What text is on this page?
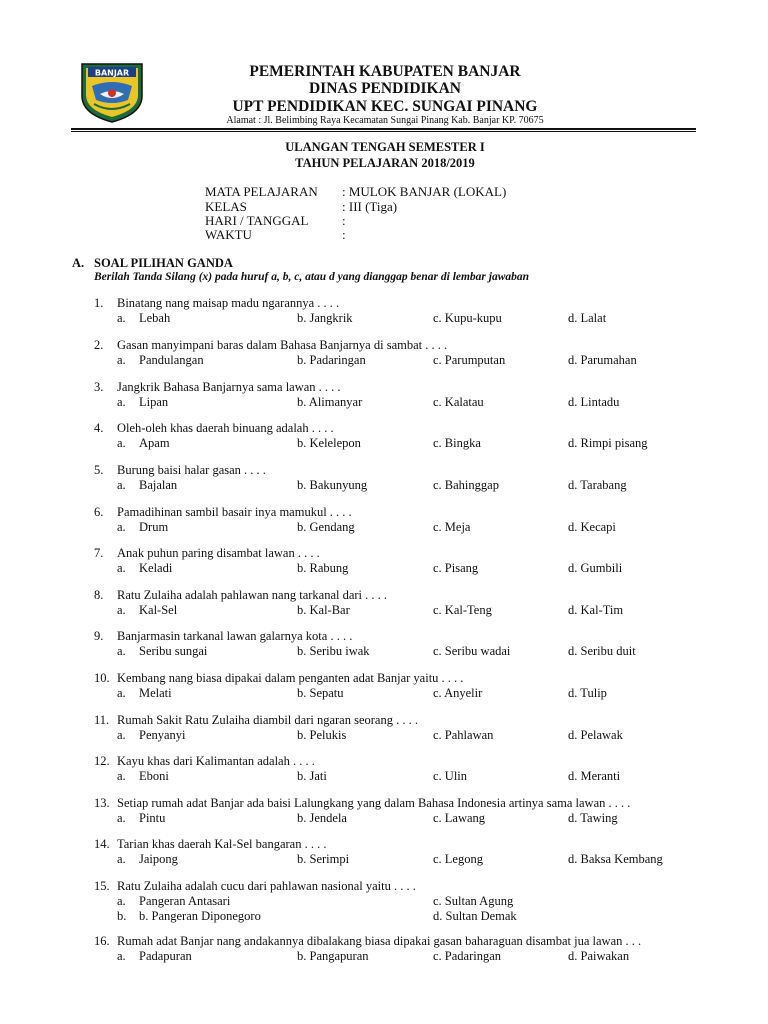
BANJAR	PEMERINTAH KABUPATEN BANJAR
DINAS PENDIDIKAN
UPT PENDIDIKAN KEC. SUNGAI PINANG
Alamat : Jl. Belimbing Raya Kecamatan Sungai Pinang Kab. Banjar KP. 70675
ULANGAN TENGAH SEMESTER I
TAHUN PELAJARAN 2018/2019
MATA PELAJARAN : MULOK BANJAR (LOKAL)
KELAS	: III (Tiga)
HARI / TANGGAL	:
WAKTU	:
A. SOAL PILIHAN GANDA
Berilah Tanda Silang (x) pada huruf a, b, c, atau d yang dianggap benar di lembar jawaban
1. Binatang nang maisap madu ngarannya . . . .
a. Lebah	b. Jangkrik	c. Kupu-kupu	d. Lalat
2. Gasan manyimpani baras dalam Bahasa Banjarnya di sambat . . . .
a. Pandulangan	b. Padaringan	c. Parumputan	d. Parumahan
3. Jangkrik Bahasa Banjarnya sama lawan . . . .
a. Lipan	b. Alimanyar	c. Kalatau	d. Lintadu
4. Oleh-oleh khas daerah binuang adalah . . . .
a. Apam	b. Kelelepon	c. Bingka	d. Rimpi pisang
5. Burung baisi halar gasan . . . .
a. Bajalan	b. Bakunyung	c. Bahinggap	d. Tarabang
6. Pamadihinan sambil basair inya mamukul . . . .
a. Drum	b. Gendang	c. Meja	d. Kecapi
7. Anak puhun paring disambat lawan . . . .
a. Keladi	b. Rabung	c. Pisang	d. Gumbili
8. Ratu Zulaiha adalah pahlawan nang tarkanal dari . . . .
a. Kal-Sel	b. Kal-Bar	c. Kal-Teng	d. Kal-Tim
9. Banjarmasin tarkanal lawan galarnya kota . . . .
a. Seribu sungai	b. Seribu iwak	c. Seribu wadai	d. Seribu duit
10. Kembang nang biasa dipakai dalam penganten adat Banjar yaitu . . . .
a. Melati	b. Sepatu	c. Anyelir	d. Tulip
11. Rumah Sakit Ratu Zulaiha diambil dari ngaran seorang . . . .
a. Penyanyi	b. Pelukis	c. Pahlawan	d. Pelawak
12. Kayu khas dari Kalimantan adalah . . . .
a. Eboni	b. Jati	c. Ulin	d. Meranti
13. Setiap rumah adat Banjar ada baisi Lalungkang yang dalam Bahasa Indonesia artinya sama lawan . . . .
a. Pintu	b. Jendela	c. Lawang	d. Tawing
14. Tarian khas daerah Kal-Sel bangaran . . . .
a. Jaipong	b. Serimpi	c. Legong	d. Baksa Kembang
15. Ratu Zulaiha adalah cucu dari pahlawan nasional yaitu . . . .
a. Pangeran Antasari	c. Sultan Agung
b. b. Pangeran Diponegoro	d. Sultan Demak
16. Rumah adat Banjar nang andakannya dibalakang biasa dipakai gasan baharaguan disambat jua lawan . . .
a. Padapuran	b. Pangapuran	c. Padaringan	d. Paiwakan
